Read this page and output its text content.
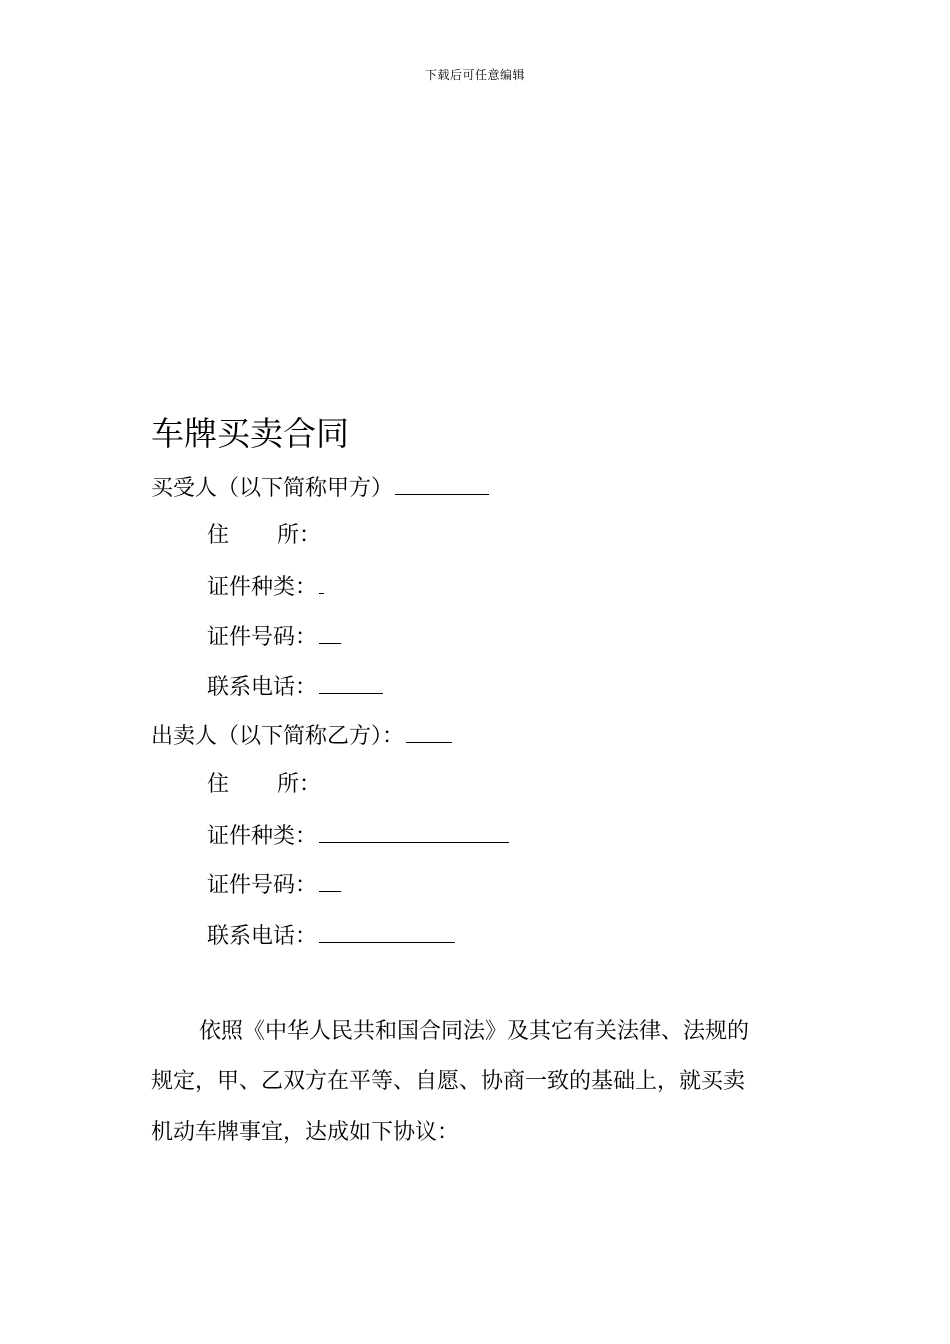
下载后可任意编辑
车牌买卖合同
买受人（以下简称甲方）
住 所：
证件种类：
证件号码：
联系电话：
出卖人（以下简称乙方）：
住 所：
证件种类：
证件号码：
联系电话：
依照《中华人民共和国合同法》及其它有关法律、法规的
规定，甲、乙双方在平等、自愿、协商一致的基础上，就买卖
机动车牌事宜，达成如下协议：
